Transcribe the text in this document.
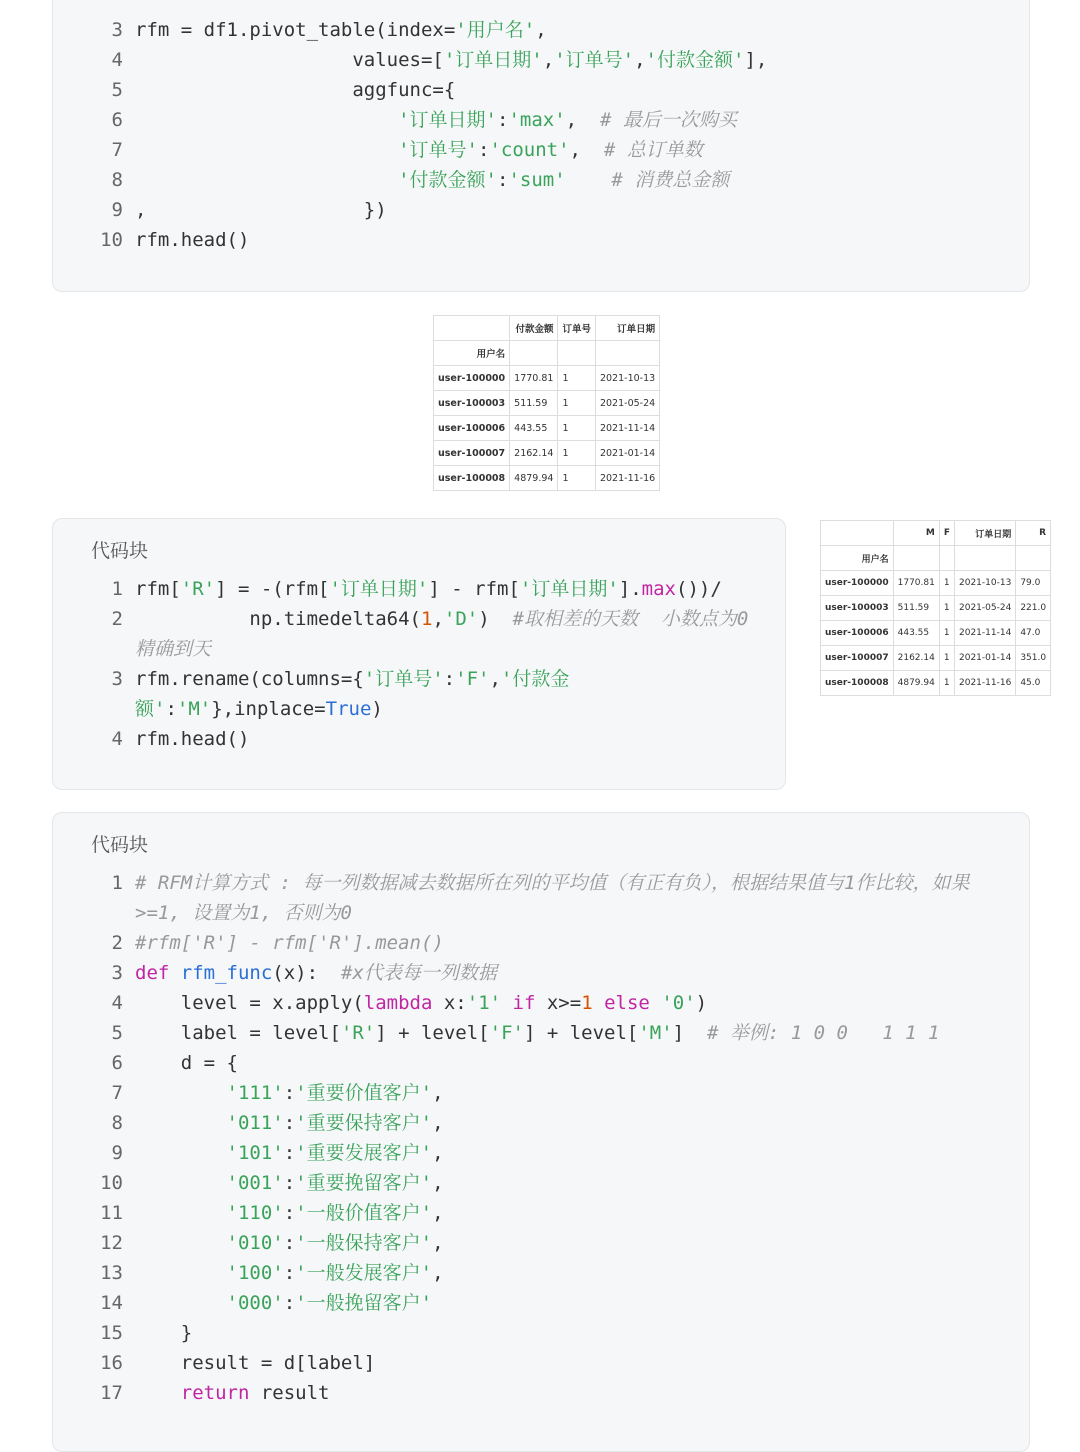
3 rfm = df1.pivot_table(index='用户名',
4 values=['订单日期','订单号','付款金额'],
5 aggfunc={
6	'订单日期':'max',  # 最后一次购买
7	'订单号':'count',  # 总订单数
8	'付款金额':'sum' # 消费总金额
9 ,                   })
10 rfm.head()
	付款金额	订单号	订单日期
用户名			
user-100000	1770.81	1	2021-10-13
user-100003	511.59	1	2021-05-24
user-100006	443.55	1	2021-11-14
user-100007	2162.14	1	2021-01-14
user-100008	4879.94	1	2021-11-16
代码块
1 rfm['R'] = -(rfm['订单日期'] - rfm['订单日期'].max())/
2 np.timedelta64(1,'D')  #取相差的天数  小数点为0
精确到天
3 rfm.rename(columns={'订单号':'F','付款金
额':'M'},inplace=True)
4 rfm.head()
	M	F	订单日期	R
用户名				
user-100000	1770.81	1	2021-10-13	79.0
user-100003	511.59	1	2021-05-24	221.0
user-100006	443.55	1	2021-11-14	47.0
user-100007	2162.14	1	2021-01-14	351.0
user-100008	4879.94	1	2021-11-16	45.0
代码块
1 # RFM计算方式 : 每一列数据减去数据所在列的平均值（有正有负），根据结果值与1作比较，如果
>=1, 设置为1, 否则为0
2 #rfm['R'] - rfm['R'].mean()
3 def rfm_func(x):  #x代表每一列数据
4 level = x.apply(lambda x:'1' if x>=1 else '0')
5 label = level['R'] + level['F'] + level['M']  # 举例: 1 0 0   1 1 1
6 d = {
7	'111':'重要价值客户',
8	'011':'重要保持客户',
9	'101':'重要发展客户',
10	'001':'重要挽留客户',
11	'110':'一般价值客户',
12	'010':'一般保持客户',
13	'100':'一般发展客户',
14	'000':'一般挽留客户'
15 }
16 result = d[label]
17	return result
